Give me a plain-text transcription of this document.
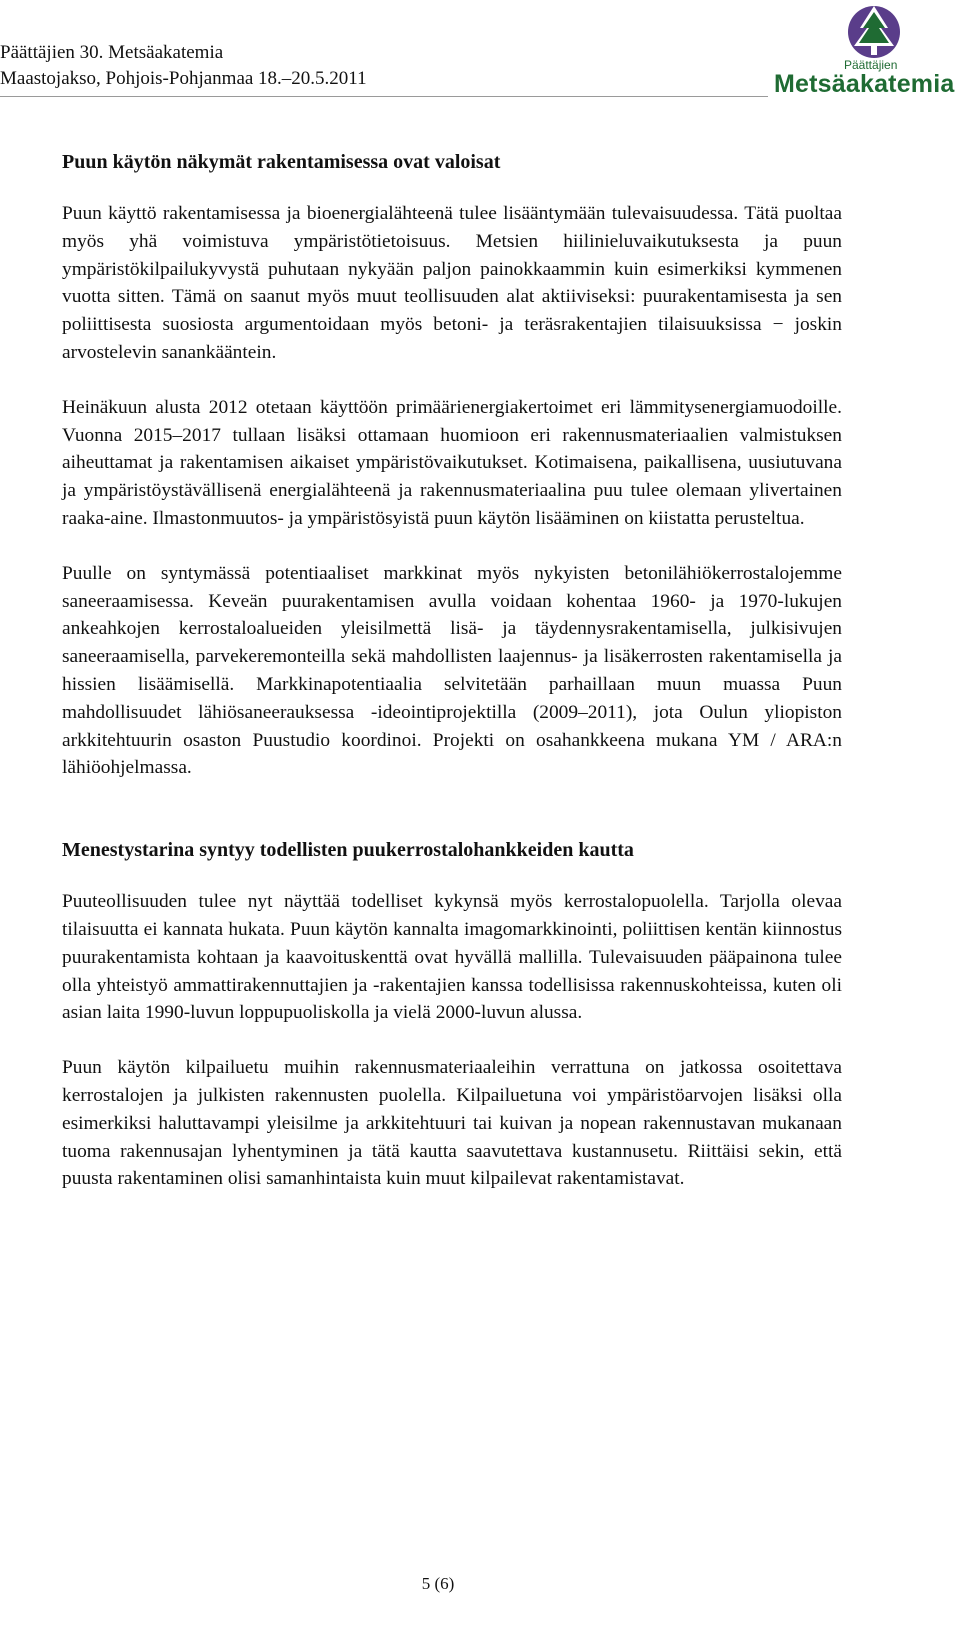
Päättäjien 30. Metsäakatemia
Maastojakso, Pohjois-Pohjanmaa 18.–20.5.2011
Päättäjien
Metsäakatemia
Puun käytön näkymät rakentamisessa ovat valoisat

Puun käyttö rakentamisessa ja bioenergialähteenä tulee lisääntymään tulevaisuudessa. Tätä puoltaa myös yhä voimistuva ympäristötietoisuus. Metsien hiilinieluvaikutuksesta ja puun ympäristökilpailukyvystä puhutaan nykyään paljon painokkaammin kuin esimerkiksi kymmenen vuotta sitten. Tämä on saanut myös muut teollisuuden alat aktiiviseksi: puurakentamisesta ja sen poliittisesta suosiosta argumentoidaan myös betoni- ja teräsrakentajien tilaisuuksissa − joskin arvostelevin sanankääntein.

Heinäkuun alusta 2012 otetaan käyttöön primäärienergiakertoimet eri lämmitysenergiamuodoille. Vuonna 2015–2017 tullaan lisäksi ottamaan huomioon eri rakennusmateriaalien valmistuksen aiheuttamat ja rakentamisen aikaiset ympäristövaikutukset. Kotimaisena, paikallisena, uusiutuvana ja ympäristöystävällisenä energialähteenä ja rakennusmateriaalina puu tulee olemaan ylivertainen raaka-aine. Ilmastonmuutos- ja ympäristösyistä puun käytön lisääminen on kiistatta perusteltua.

Puulle on syntymässä potentiaaliset markkinat myös nykyisten betonilähiökerrostalojemme saneeraamisessa. Keveän puurakentamisen avulla voidaan kohentaa 1960- ja 1970-lukujen ankeahkojen kerrostaloalueiden yleisilmettä lisä- ja täydennysrakentamisella, julkisivujen saneeraamisella, parvekeremonteilla sekä mahdollisten laajennus- ja lisäkerrosten rakentamisella ja hissien lisäämisellä. Markkinapotentiaalia selvitetään parhaillaan muun muassa Puun mahdollisuudet lähiösaneerauksessa -ideointiprojektilla (2009–2011), jota Oulun yliopiston arkkitehtuurin osaston Puustudio koordinoi. Projekti on osahankkeena mukana YM / ARA:n lähiöohjelmassa.

Menestystarina syntyy todellisten puukerrostalohankkeiden kautta

Puuteollisuuden tulee nyt näyttää todelliset kykynsä myös kerrostalopuolella. Tarjolla olevaa tilaisuutta ei kannata hukata. Puun käytön kannalta imagomarkkinointi, poliittisen kentän kiinnostus puurakentamista kohtaan ja kaavoituskenttä ovat hyvällä mallilla. Tulevaisuuden pääpainona tulee olla yhteistyö ammattirakennuttajien ja -rakentajien kanssa todellisissa rakennuskohteissa, kuten oli asian laita 1990-luvun loppupuoliskolla ja vielä 2000-luvun alussa.

Puun käytön kilpailuetu muihin rakennusmateriaaleihin verrattuna on jatkossa osoitettava kerrostalojen ja julkisten rakennusten puolella. Kilpailuetuna voi ympäristöarvojen lisäksi olla esimerkiksi haluttavampi yleisilme ja arkkitehtuuri tai kuivan ja nopean rakennustavan mukanaan tuoma rakennusajan lyhentyminen ja tätä kautta saavutettava kustannusetu. Riittäisi sekin, että puusta rakentaminen olisi samanhintaista kuin muut kilpailevat rakentamistavat.

5 (6)
